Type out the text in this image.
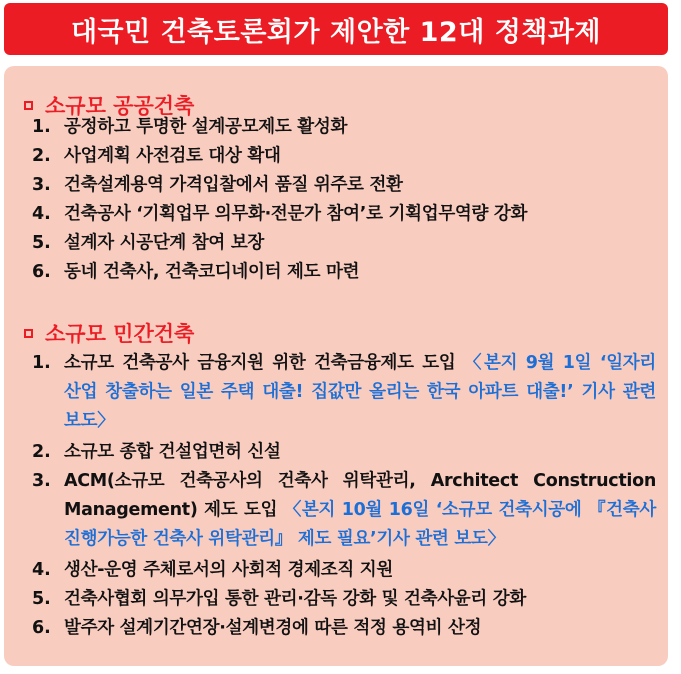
대국민 건축토론회가 제안한 12대 정책과제
소규모 공공건축
1. 공정하고 투명한 설계공모제도 활성화
2. 사업계획 사전검토 대상 확대
3. 건축설계용역 가격입찰에서 품질 위주로 전환
4. 건축공사 ‘기획업무 의무화·전문가 참여’로 기획업무역량 강화
5. 설계자 시공단계 참여 보장
6. 동네 건축사, 건축코디네이터 제도 마련
소규모 민간건축
1. 소규모 건축공사 금융지원 위한 건축금융제도 도입 〈본지 9월 1일 ‘일자리 산업 창출하는 일본 주택 대출! 집값만 올리는 한국 아파트 대출!’ 기사 관련 보도〉
2. 소규모 종합 건설업면허 신설
3. ACM(소규모 건축공사의 건축사 위탁관리, Architect Construction Management) 제도 도입 〈본지 10월 16일 ‘소규모 건축시공에 『건축사 진행가능한 건축사 위탁관리』 제도 필요’기사 관련 보도〉
4. 생산-운영 주체로서의 사회적 경제조직 지원
5. 건축사협회 의무가입 통한 관리·감독 강화 및 건축사윤리 강화
6. 발주자 설계기간연장·설계변경에 따른 적정 용역비 산정
